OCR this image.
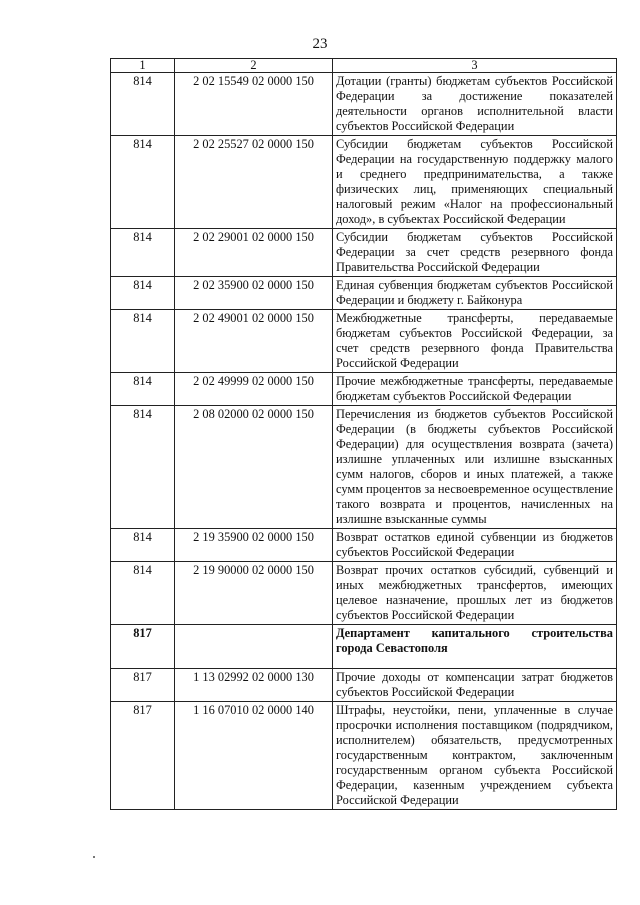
23
1	2	3
814	2 02 15549 02 0000 150	Дотации (гранты) бюджетам субъектов Российской Федерации за достижение показателей деятельности органов исполнительной власти субъектов Российской Федерации
814	2 02 25527 02 0000 150	Субсидии бюджетам субъектов Российской Федерации на государственную поддержку малого и среднего предпринимательства, а также физических лиц, применяющих специальный налоговый режим «Налог на профессиональный доход», в субъектах Российской Федерации
814	2 02 29001 02 0000 150	Субсидии бюджетам субъектов Российской Федерации за счет средств резервного фонда Правительства Российской Федерации
814	2 02 35900 02 0000 150	Единая субвенция бюджетам субъектов Российской Федерации и бюджету г. Байконура
814	2 02 49001 02 0000 150	Межбюджетные трансферты, передаваемые бюджетам субъектов Российской Федерации, за счет средств резервного фонда Правительства Российской Федерации
814	2 02 49999 02 0000 150	Прочие межбюджетные трансферты, передаваемые бюджетам субъектов Российской Федерации
814	2 08 02000 02 0000 150	Перечисления из бюджетов субъектов Российской Федерации (в бюджеты субъектов Российской Федерации) для осуществления возврата (зачета) излишне уплаченных или излишне взысканных сумм налогов, сборов и иных платежей, а также сумм процентов за несвоевременное осуществление такого возврата и процентов, начисленных на излишне взысканные суммы
814	2 19 35900 02 0000 150	Возврат остатков единой субвенции из бюджетов субъектов Российской Федерации
814	2 19 90000 02 0000 150	Возврат прочих остатков субсидий, субвенций и иных межбюджетных трансфертов, имеющих целевое назначение, прошлых лет из бюджетов субъектов Российской Федерации
817		Департамент капитального строительства города Севастополя
817	1 13 02992 02 0000 130	Прочие доходы от компенсации затрат бюджетов субъектов Российской Федерации
817	1 16 07010 02 0000 140	Штрафы, неустойки, пени, уплаченные в случае просрочки исполнения поставщиком (подрядчиком, исполнителем) обязательств, предусмотренных государственным контрактом, заключенным государственным органом субъекта Российской Федерации, казенным учреждением субъекта Российской Федерации
